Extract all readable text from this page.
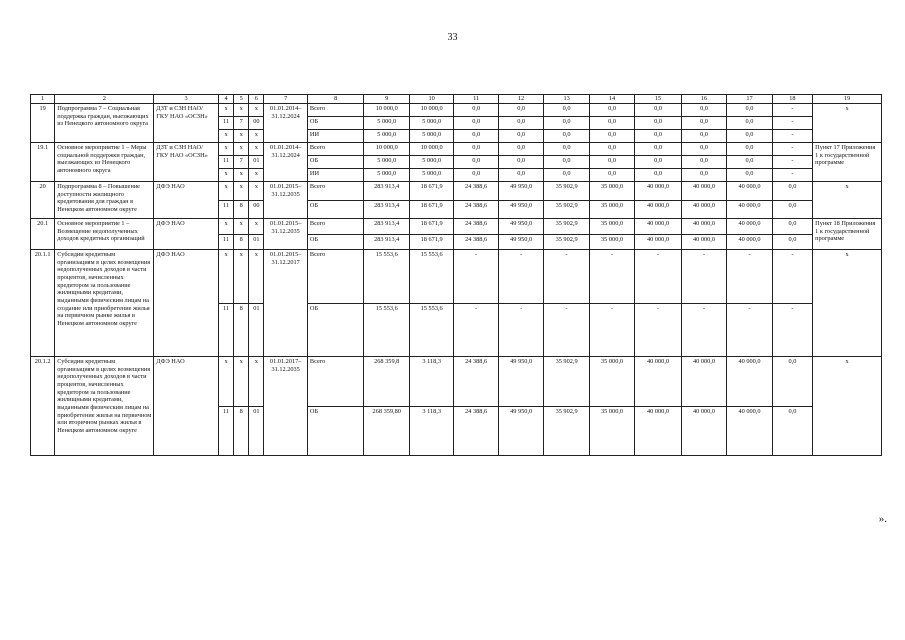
33
1	2	3	4	5	6	7	8	9	10	11	12	13	14	15	16	17	18	19
19	Подпрограмма 7 – Социальная поддержка граждан, выезжающих из Ненецкого автономного округа	ДЗТ и СЗН НАО/ ГКУ НАО «ОСЗН»	х	х	х	01.01.2014– 31.12.2024	Всего	10 000,0	10 000,0	0,0	0,0	0,0	0,0	0,0	0,0	0,0	-	х
			11	7	00		ОБ	5 000,0	5 000,0	0,0	0,0	0,0	0,0	0,0	0,0	0,0	-	
			х	х	х		ИИ	5 000,0	5 000,0	0,0	0,0	0,0	0,0	0,0	0,0	0,0	-	
19.1	Основное мероприятие 1 – Меры социальной поддержки граждан, выезжающих из Ненецкого автономного округа	ДЗТ и СЗН НАО/ ГКУ НАО «ОСЗН»	х	х	х	01.01.2014– 31.12.2024	Всего	10 000,0	10 000,0	0,0	0,0	0,0	0,0	0,0	0,0	0,0	-	Пункт 17 Приложения 1 к государственной программе
			11	7	01		ОБ	5 000,0	5 000,0	0,0	0,0	0,0	0,0	0,0	0,0	0,0	-	
			х	х	х		ИИ	5 000,0	5 000,0	0,0	0,0	0,0	0,0	0,0	0,0	0,0	-	
20	Подпрограмма 8 – Повышение доступности жилищного кредитования для граждан в Ненецком автономном округе	ДФЭ НАО	х	х	х	01.01.2015– 31.12.2035	Всего	283 913,4	18 671,9	24 388,6	49 950,0	35 902,9	35 000,0	40 000,0	40 000,0	40 000,0	0,0	х
			11	8	00		ОБ	283 913,4	18 671,9	24 388,6	49 950,0	35 902,9	35 000,0	40 000,0	40 000,0	40 000,0	0,0	
20.1	Основное мероприятие 1 – Возмещение недополученных доходов кредитных организаций	ДФЭ НАО	х	х	х	01.01.2015– 31.12.2035	Всего	283 913,4	18 671,9	24 388,6	49 950,0	35 902,9	35 000,0	40 000,0	40 000,0	40 000,0	0,0	Пункт 18 Приложения 1 к государственной программе
			11	8	01		ОБ	283 913,4	18 671,9	24 388,6	49 950,0	35 902,9	35 000,0	40 000,0	40 000,0	40 000,0	0,0	
20.1.1	Субсидии кредитным организациям в целях возмещения недополученных доходов в части процентов, начисленных кредитором за пользование жилищными кредитами, выданными физическим лицам на создание или приобретение жилья на первичном рынке жилья в Ненецком автономном округе	ДФЭ НАО	х	х	х	01.01.2015– 31.12.2017	Всего	15 553,6	15 553,6	-	-	-	-	-	-	-	-	х
			11	8	01		ОБ	15 553,6	15 553,6	-	-	-	-	-	-	-	-	
20.1.2	Субсидии кредитным организациям в целях возмещения недополученных доходов в части процентов, начисленных кредитором за пользование жилищными кредитами, выданными физическим лицам на приобретение жилья на первичном или вторичном рынках жилья в Ненецком автономном округе	ДФЭ НАО	х	х	х	01.01.2017– 31.12.2035	Всего	268 359,8	3 118,3	24 388,6	49 950,0	35 902,9	35 000,0	40 000,0	40 000,0	40 000,0	0,0	х
			11	8	01		ОБ	268 359,80	3 118,3	24 388,6	49 950,0	35 902,9	35 000,0	40 000,0	40 000,0	40 000,0	0,0	
».
